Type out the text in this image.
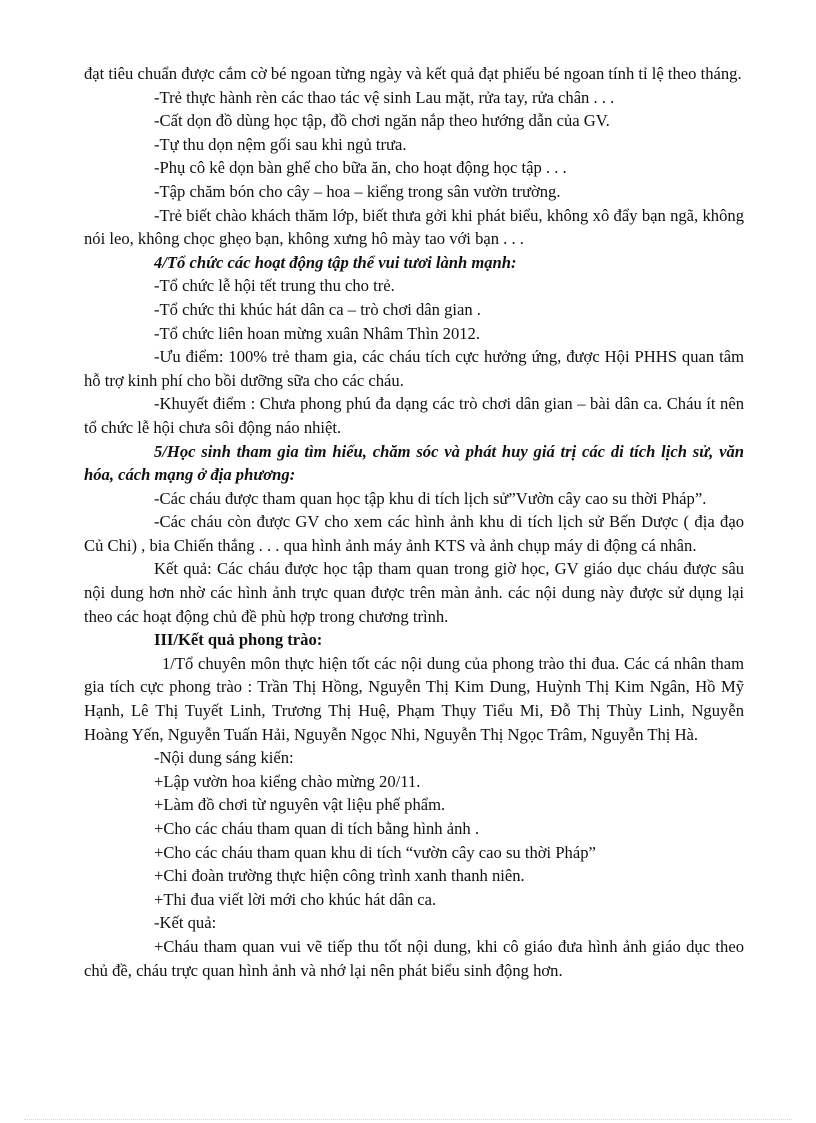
đạt tiêu chuẩn được cắm cờ bé ngoan từng ngày và kết quả đạt phiếu bé ngoan tính tỉ lệ theo tháng.

-Trẻ thực hành rèn các thao tác vệ sinh Lau mặt, rửa tay, rửa chân . . .

-Cất dọn đồ dùng học tập, đồ chơi ngăn nắp theo hướng dẫn của GV.

-Tự thu dọn nệm gối sau khi ngủ trưa.

-Phụ cô kê dọn bàn ghế cho bữa ăn, cho hoạt động học tập . . .

-Tập chăm bón cho cây – hoa – kiểng trong sân vườn trường.

-Trẻ biết chào khách thăm lớp, biết thưa gởi khi phát biểu, không xô đẩy bạn ngã, không nói leo, không chọc ghẹo bạn, không xưng hô mày tao với bạn . . .

4/Tổ chức các hoạt động tập thể vui tươi lành mạnh:

-Tổ chức lễ hội tết trung thu cho trẻ.

-Tổ chức thi khúc hát dân ca – trò chơi dân gian .

-Tổ chức liên hoan mừng xuân Nhâm Thìn 2012.

-Ưu điểm: 100% trẻ tham gia, các cháu tích cực hưởng ứng, được Hội PHHS quan tâm hỗ trợ kinh phí cho bồi dưỡng sữa cho các cháu.

-Khuyết điểm : Chưa phong phú đa dạng các trò chơi dân gian – bài dân ca. Cháu ít nên tổ chức lễ hội chưa sôi động náo nhiệt.

5/Học sinh tham gia tìm hiểu, chăm sóc và phát huy giá trị các di tích lịch sử, văn hóa, cách mạng ở địa phương:

-Các cháu được tham quan học tập khu di tích lịch sử”Vườn cây cao su thời Pháp”.

-Các cháu còn được GV cho xem các hình ảnh khu di tích lịch sử Bến Dược ( địa đạo Củ Chi) , bia Chiến thắng . . . qua hình ảnh máy ảnh KTS và ảnh chụp máy di động cá nhân.

Kết quả: Các cháu được học tập tham quan trong giờ học, GV giáo dục cháu được sâu nội dung hơn nhờ các hình ảnh trực quan được trên màn ảnh. các nội dung này được sử dụng lại theo các hoạt động chủ đề phù hợp trong chương trình.

III/Kết quả phong trào:

1/Tổ chuyên môn thực hiện tốt các nội dung của phong trào thi đua. Các cá nhân tham gia tích cực phong trào : Trần Thị Hồng, Nguyễn Thị Kim Dung, Huỳnh Thị Kim Ngân, Hồ Mỹ Hạnh, Lê Thị Tuyết Linh, Trương Thị Huệ, Phạm Thụy Tiểu Mi, Đỗ Thị Thùy Linh, Nguyễn Hoàng Yến, Nguyễn Tuấn Hải, Nguyễn Ngọc Nhi, Nguyễn Thị Ngọc Trâm, Nguyễn Thị Hà.

-Nội dung sáng kiến:

+Lập vườn hoa kiểng chào mừng 20/11.

+Làm đồ chơi từ nguyên vật liệu phế phẩm.

+Cho các cháu tham quan di tích bằng hình ảnh .

+Cho các cháu tham quan khu di tích “vườn cây cao su thời Pháp”

+Chi đoàn trường thực hiện công trình xanh thanh niên.

+Thi đua viết lời mới cho khúc hát dân ca.

-Kết quả:

+Cháu tham quan vui vẽ tiếp thu tốt nội dung, khi cô giáo đưa hình ảnh giáo dục theo chủ đề, cháu trực quan hình ảnh và nhớ lại nên phát biểu sinh động hơn.
